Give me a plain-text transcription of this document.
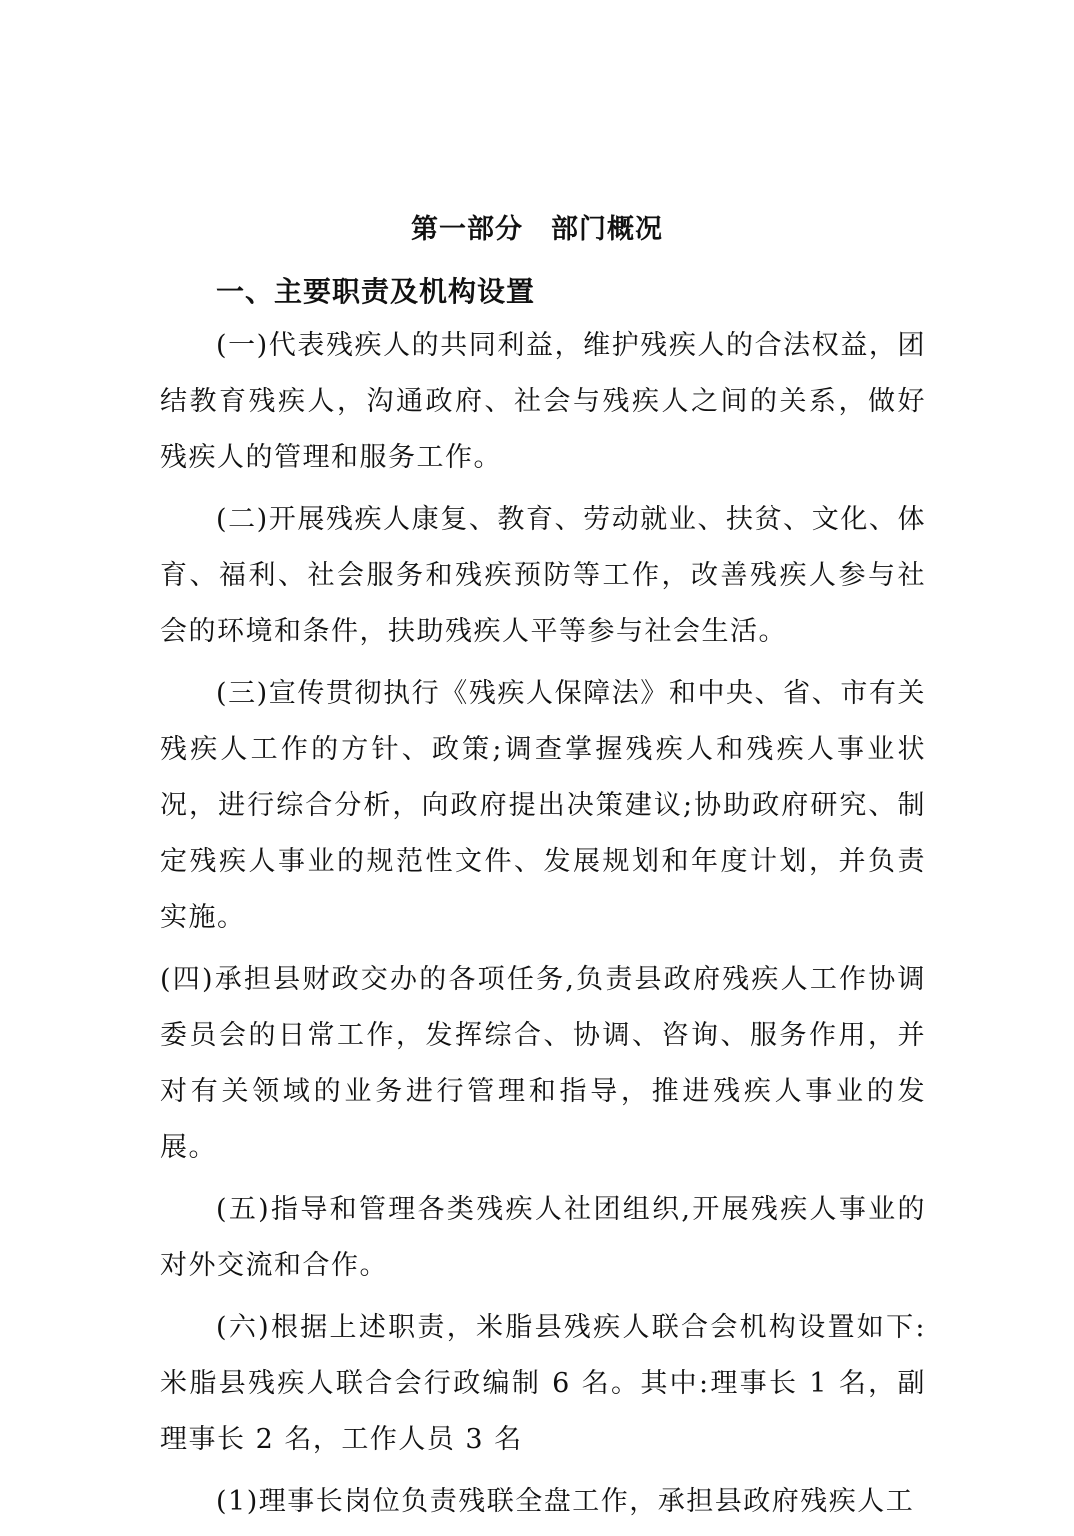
第一部分　部门概况
一、主要职责及机构设置

(一)代表残疾人的共同利益，维护残疾人的合法权益，团结教育残疾人，沟通政府、社会与残疾人之间的关系，做好残疾人的管理和服务工作。

(二)开展残疾人康复、教育、劳动就业、扶贫、文化、体育、福利、社会服务和残疾预防等工作，改善残疾人参与社会的环境和条件，扶助残疾人平等参与社会生活。

(三)宣传贯彻执行《残疾人保障法》和中央、省、市有关残疾人工作的方针、政策;调查掌握残疾人和残疾人事业状况，进行综合分析，向政府提出决策建议;协助政府研究、制定残疾人事业的规范性文件、发展规划和年度计划，并负责实施。

(四)承担县财政交办的各项任务,负责县政府残疾人工作协调委员会的日常工作，发挥综合、协调、咨询、服务作用，并对有关领域的业务进行管理和指导，推进残疾人事业的发展。

(五)指导和管理各类残疾人社团组织,开展残疾人事业的对外交流和合作。

(六)根据上述职责，米脂县残疾人联合会机构设置如下:米脂县残疾人联合会行政编制 6 名。其中:理事长 1 名，副理事长 2 名，工作人员 3 名

(1)理事长岗位负责残联全盘工作，承担县政府残疾人工
